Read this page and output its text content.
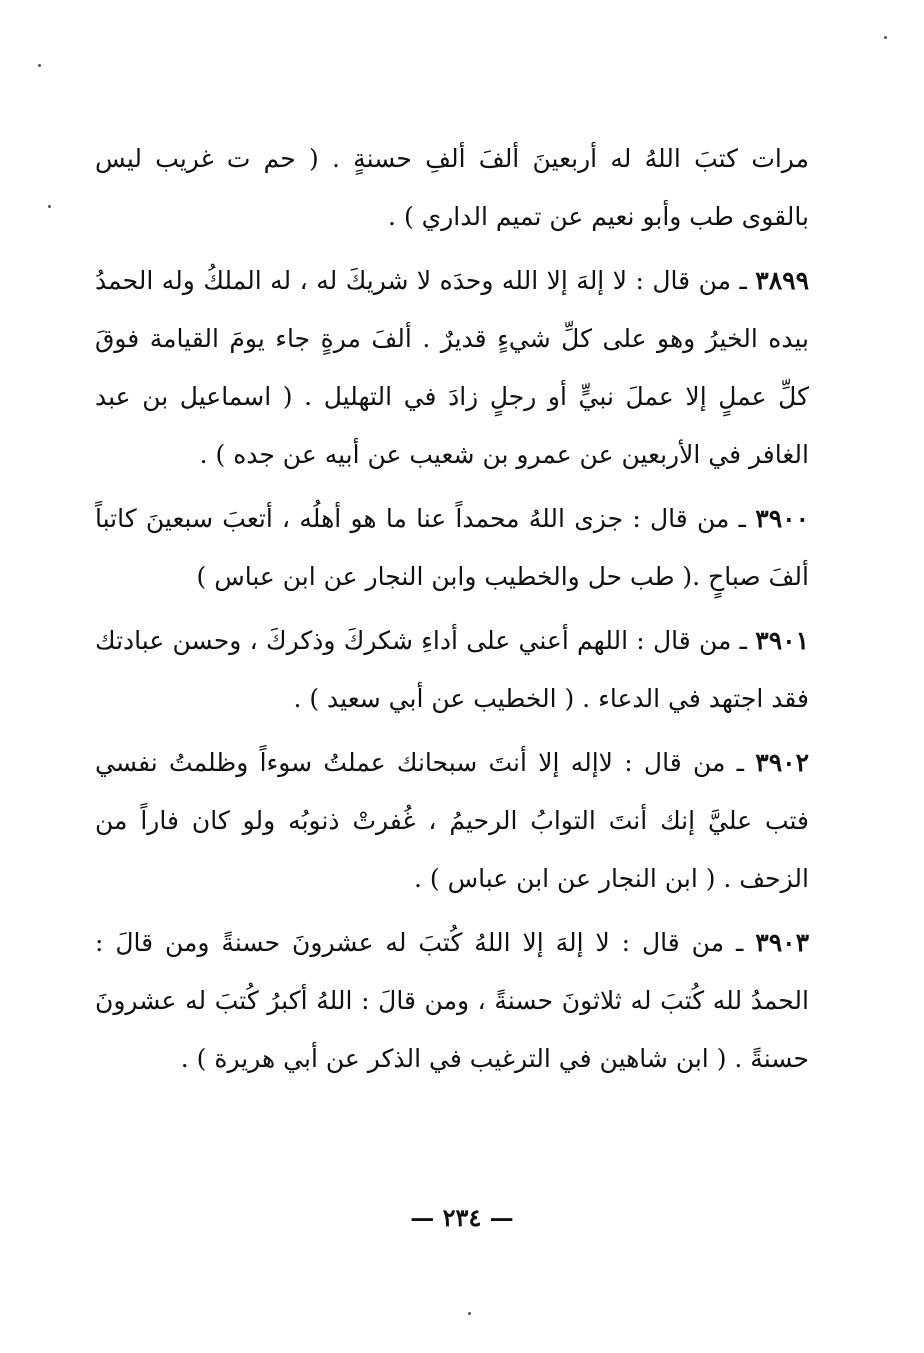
مرات كتبَ اللهُ له أربعينَ ألفَ ألفِ حسنةٍ . ( حم ت غريب ليس بالقوى طب وأبو نعيم عن تميم الداري ) .

٣٨٩٩ ـ من قال : لا إلهَ إلا الله وحدَه لا شريكَ له ، له الملكُ وله الحمدُ بيده الخيرُ وهو على كلِّ شيءٍ قديرٌ . ألفَ مرةٍ جاء يومَ القيامة فوقَ كلِّ عملٍ إلا عملَ نبيٍّ أو رجلٍ زادَ في التهليل . ( اسماعيل بن عبد الغافر في الأربعين عن عمرو بن شعيب عن أبيه عن جده ) .

٣٩٠٠ ـ من قال : جزى اللهُ محمداً عنا ما هو أهلُه ، أتعبَ سبعينَ كاتباً ألفَ صباحٍ .( طب حل والخطيب وابن النجار عن ابن عباس )

٣٩٠١ ـ من قال : اللهم أعني على أداءِ شكركَ وذكركَ ، وحسن عبادتك فقد اجتهد في الدعاء . ( الخطيب عن أبي سعيد ) .

٣٩٠٢ ـ من قال : لاإله إلا أنتَ سبحانك عملتُ سوءاً وظلمتُ نفسي فتب عليَّ إنك أنتَ التوابُ الرحيمُ ، غُفرتْ ذنوبُه ولو كان فاراً من الزحف . ( ابن النجار عن ابن عباس ) .

٣٩٠٣ ـ من قال : لا إلهَ إلا اللهُ كُتبَ له عشرونَ حسنةً ومن قالَ : الحمدُ لله كُتبَ له ثلاثونَ حسنةً ، ومن قالَ : اللهُ أكبرُ كُتبَ له عشرونَ حسنةً . ( ابن شاهين في الترغيب في الذكر عن أبي هريرة ) .

— ٢٣٤ —
